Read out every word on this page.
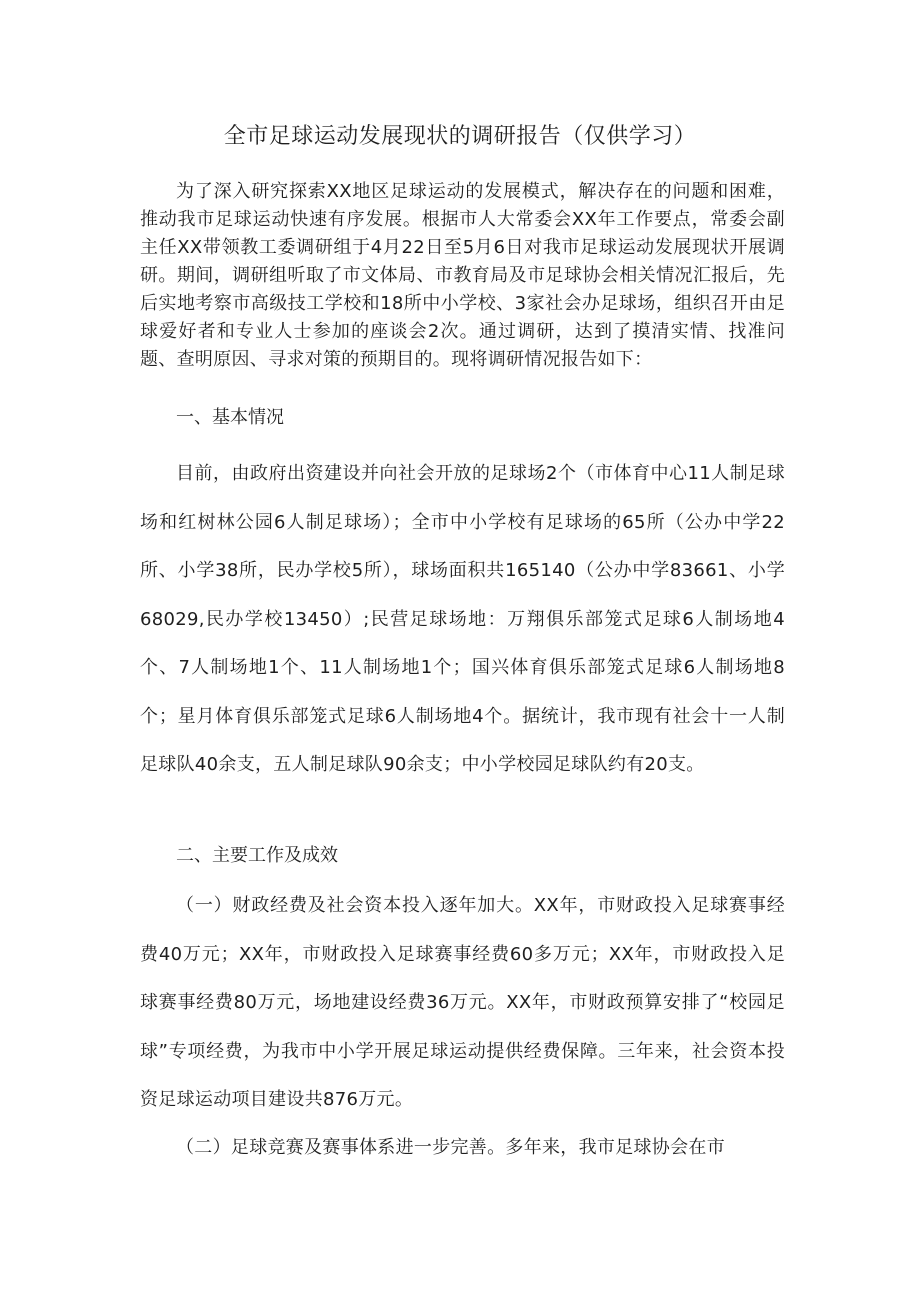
全市足球运动发展现状的调研报告（仅供学习）

为了深入研究探索XX地区足球运动的发展模式，解决存在的问题和困难，推动我市足球运动快速有序发展。根据市人大常委会XX年工作要点，常委会副主任XX带领教工委调研组于4月22日至5月6日对我市足球运动发展现状开展调研。期间，调研组听取了市文体局、市教育局及市足球协会相关情况汇报后，先后实地考察市高级技工学校和18所中小学校、3家社会办足球场，组织召开由足球爱好者和专业人士参加的座谈会2次。通过调研，达到了摸清实情、找准问题、查明原因、寻求对策的预期目的。现将调研情况报告如下：

一、基本情况

目前，由政府出资建设并向社会开放的足球场2个（市体育中心11人制足球场和红树林公园6人制足球场）；全市中小学校有足球场的65所（公办中学22所、小学38所，民办学校5所），球场面积共165140（公办中学83661、小学68029,民办学校13450）;民营足球场地：万翔俱乐部笼式足球6人制场地4个、7人制场地1个、11人制场地1个；国兴体育俱乐部笼式足球6人制场地8个；星月体育俱乐部笼式足球6人制场地4个。据统计，我市现有社会十一人制足球队40余支，五人制足球队90余支；中小学校园足球队约有20支。

二、主要工作及成效

（一）财政经费及社会资本投入逐年加大。XX年，市财政投入足球赛事经费40万元；XX年，市财政投入足球赛事经费60多万元；XX年，市财政投入足球赛事经费80万元，场地建设经费36万元。XX年，市财政预算安排了“校园足球”专项经费，为我市中小学开展足球运动提供经费保障。三年来，社会资本投资足球运动项目建设共876万元。

（二）足球竞赛及赛事体系进一步完善。多年来，我市足球协会在市
